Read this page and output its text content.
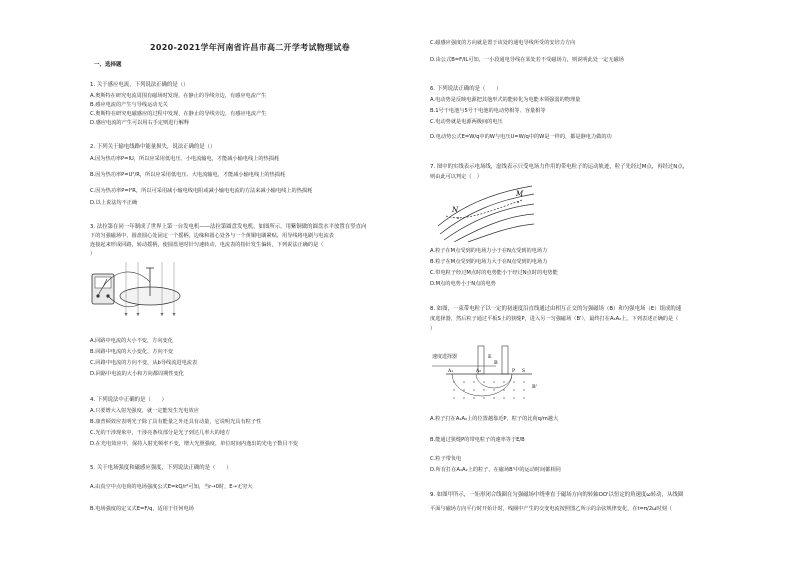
2020-2021学年河南省许昌市高二开学考试物理试卷
一、选择题
1. 关于感应电流，下列说法正确的是（）
A.奥斯特在研究电流周围有磁场时发现，在静止的导线旁边，有感应电流产生
B.感应电流的产生与导线运动无关
C.奥斯特在研究电磁感应的过程中发现，在静止的导线旁边，有感应电流产生
D.感应电流的产生可以用右手定则进行解释
2. 下列关于输电线路中能量损失，说法正确的是（）
A.因为热功率P=IU，所以应采用低电压、小电流输电，才能减小输电线上的热损耗
B.因为热功率P=U²/R，所以应采用低电压、大电流输电，才能减小输电线上的热损耗
C.因为热功率P=I²R，所以可采用减小输电线电阻或减小输电电流的方法来减小输电线上的热损耗
D.以上说法均不正确
3. 法拉第在同一年制成了世界上第一台发电机——法拉第圆盘发电机，如图所示，用紫铜做的圆盘水平放置在竖直向
下的匀强磁场中，圆盘圆心处固定一个摇柄，边缘和圆心处各与一个黄铜电刷紧贴，用导线将电刷与电流表
连接起来形成回路，转动摇柄，使圆盘逆时针匀速转动，电流表的指针发生偏转，下列说法正确的是（
）
A.回路中电流的大小不变，方向变化
B.回路中电流的大小变化，方向不变
C.回路中电流的方向不变，从b导线流进电流表
D.回路中电流的大小和方向都周期性变化
4. 下列说法中正确的是（　　）
A.只要增大入射光强度，就一定能发生光电效应
B.康普顿效应表明光子除了具有能量之外还具有动量，它说明光具有粒子性
C.光的干涉现象中，干涉亮条纹部分是光子到达几率大的地方
D.在光电效应中，保持入射光频率不变，增大光照强度，单位时间内逸出的光电子数目不变
5. 关于电场强度和磁感应强度，下列说法正确的是（　　）
A.由真空中点电荷的电场强度公式E=kQ/r²可知，当r→0时，E→无穷大
B.电场强度的定义式E=F/q，适用于任何电场
C.磁感应强度的方向就是置于该处的通电导线所受的安培力方向
D.由公式B=F/IL可知，一小段通电导线在某处若不受磁场力，则说明此处一定无磁场
6. 下列说法正确的是（　　）
A.电动势是反映电源把其他形式的能转化为电能本领强弱的物理量
B.1号干电池与5号干电池的电动势相等、容量相等
C.电动势就是电源两极间的电压
D.电动势公式E=W/q中的W与电压U=W/q中的W是一样的，都是静电力做的功
7. 图中的实线表示电场线，虚线表示只受电场力作用的带电粒子的运动轨迹，粒子先经过M点，再经过N点，
则由此可以判定（　）
N
M
A.粒子在M点受到的电场力小于在N点受到的电场力
B.粒子在M点受到的电场力大于在N点受到的电场力
C.带电粒子经过M点时的电势能小于经过N点时的电势能
D.M点的电势小于N点的电势
8. 如图，一束带电粒子以一定的初速度沿直线通过由相互正交的匀强磁场（B）和匀强电场（E）组成的速
度选择器，然后粒子通过平板S上的狭缝P，进入另一匀强磁场（B'），最终打在A₁A₂上。下列表述正确的是（
）
速度选择器	E
B
A₁	A₂	P S
B'
A.粒子打在A₁A₂上的位置越靠近P，粒子的比荷q/m越大
B.能通过狭缝P的带电粒子的速率等于E/B
C.粒子带负电
D.所有打在A₁A₂上的粒子，在磁场B'中的运动时间都相同
9. 如图甲所示，一矩形闭合线圈在匀强磁场中绕垂直于磁场方向的转轴OO'以恒定的角速度ω转动，从线圈
平面与磁场方向平行时开始计时，线圈中产生的交变电流按照图乙所示的余弦规律变化，在t=π/2ω时刻（
